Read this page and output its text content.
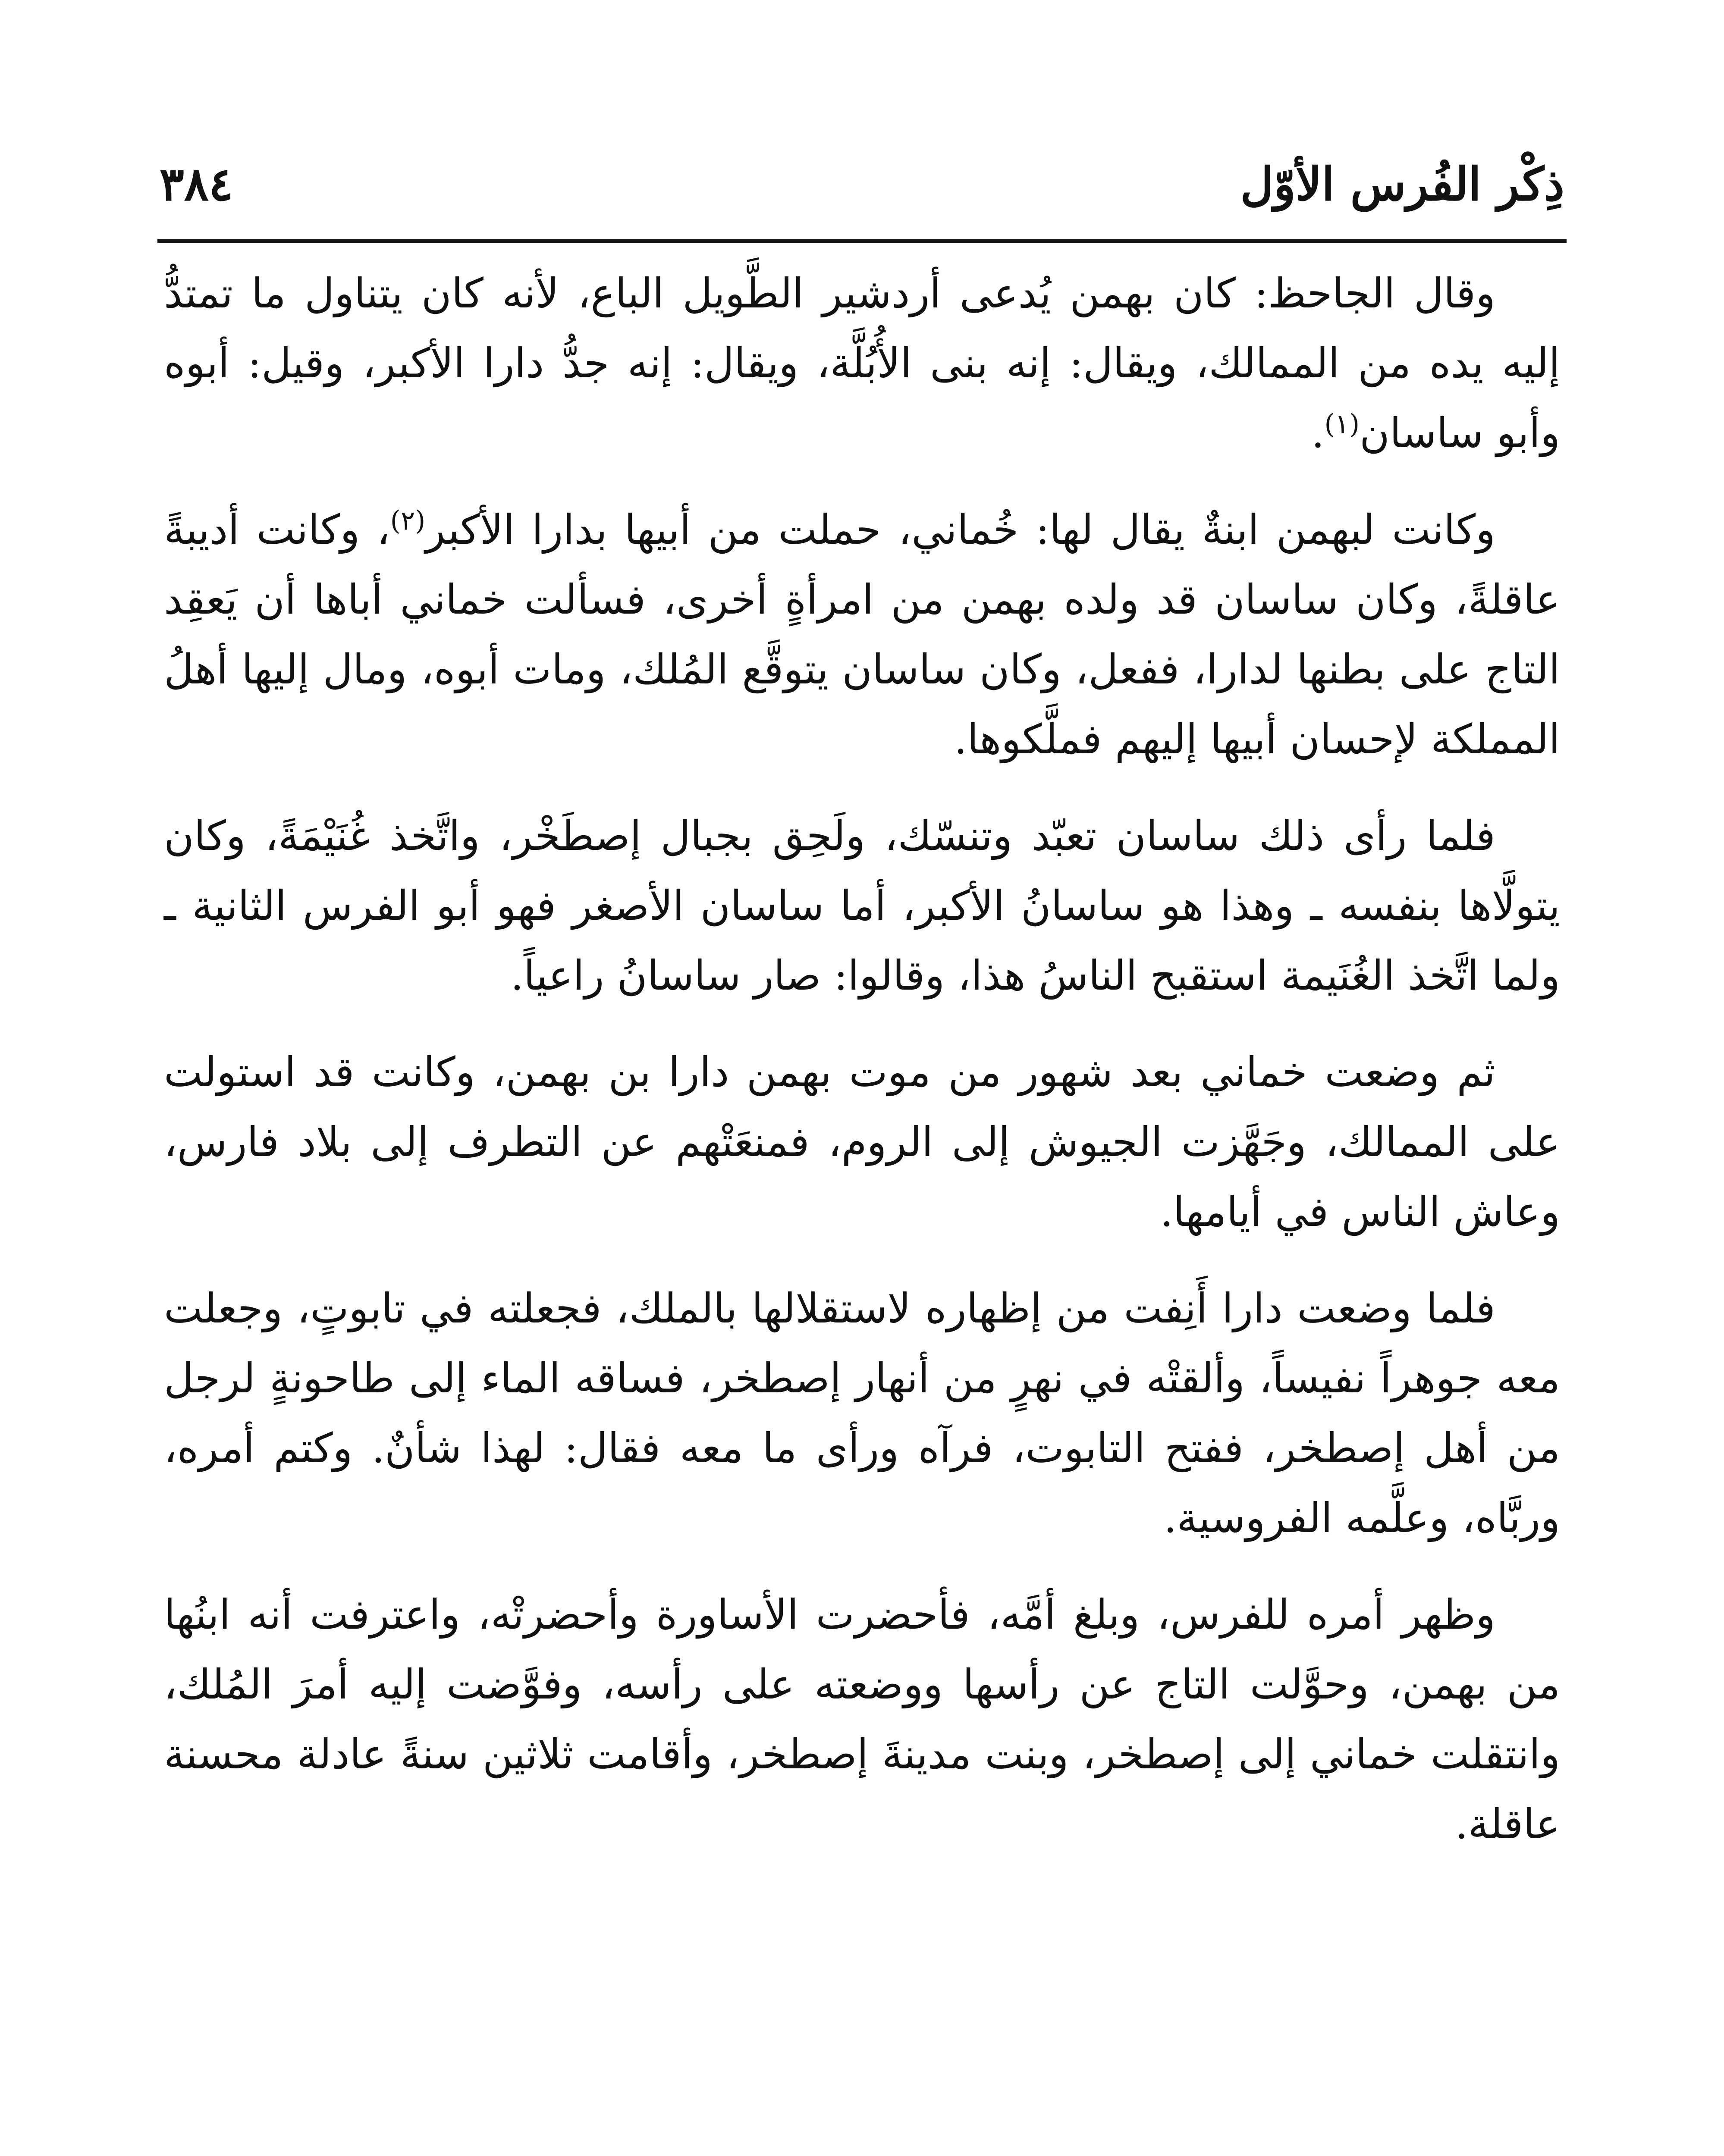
ذِكْر الفُرس الأوّل
٣٨٤

وقال الجاحظ: كان بهمن يُدعى أردشير الطَّويل الباع، لأنه كان يتناول ما تمتدُّ إليه يده من الممالك، ويقال: إنه بنى الأُبُلَّة، ويقال: إنه جدُّ دارا الأكبر، وقيل: أبوه وأبو ساسان$^{(١)}$.

وكانت لبهمن ابنةٌ يقال لها: خُماني، حملت من أبيها بدارا الأكبر$^{(٢)}$، وكانت أديبةً عاقلةً، وكان ساسان قد ولده بهمن من امرأةٍ أخرى، فسألت خماني أباها أن يَعقِد التاج على بطنها لدارا، ففعل، وكان ساسان يتوقَّع المُلك، ومات أبوه، ومال إليها أهلُ المملكة لإحسان أبيها إليهم فملَّكوها.

فلما رأى ذلك ساسان تعبّد وتنسّك، ولَحِق بجبال إصطَخْر، واتَّخذ غُنَيْمَةً، وكان يتولَّاها بنفسه ـ وهذا هو ساسانُ الأكبر، أما ساسان الأصغر فهو أبو الفرس الثانية ـ ولما اتَّخذ الغُنَيمة استقبح الناسُ هذا، وقالوا: صار ساسانُ راعياً.

ثم وضعت خماني بعد شهور من موت بهمن دارا بن بهمن، وكانت قد استولت على الممالك، وجَهَّزت الجيوش إلى الروم، فمنعَتْهم عن التطرف إلى بلاد فارس، وعاش الناس في أيامها.

فلما وضعت دارا أَنِفت من إظهاره لاستقلالها بالملك، فجعلته في تابوتٍ، وجعلت معه جوهراً نفيساً، وألقتْه في نهرٍ من أنهار إصطخر، فساقه الماء إلى طاحونةٍ لرجل من أهل إصطخر، ففتح التابوت، فرآه ورأى ما معه فقال: لهذا شأنٌ. وكتم أمره، وربَّاه، وعلَّمه الفروسية.

وظهر أمره للفرس، وبلغ أمَّه، فأحضرت الأساورة وأحضرتْه، واعترفت أنه ابنُها من بهمن، وحوَّلت التاج عن رأسها ووضعته على رأسه، وفوَّضت إليه أمرَ المُلك، وانتقلت خماني إلى إصطخر، وبنت مدينةَ إصطخر، وأقامت ثلاثين سنةً عادلة محسنة عاقلة.
